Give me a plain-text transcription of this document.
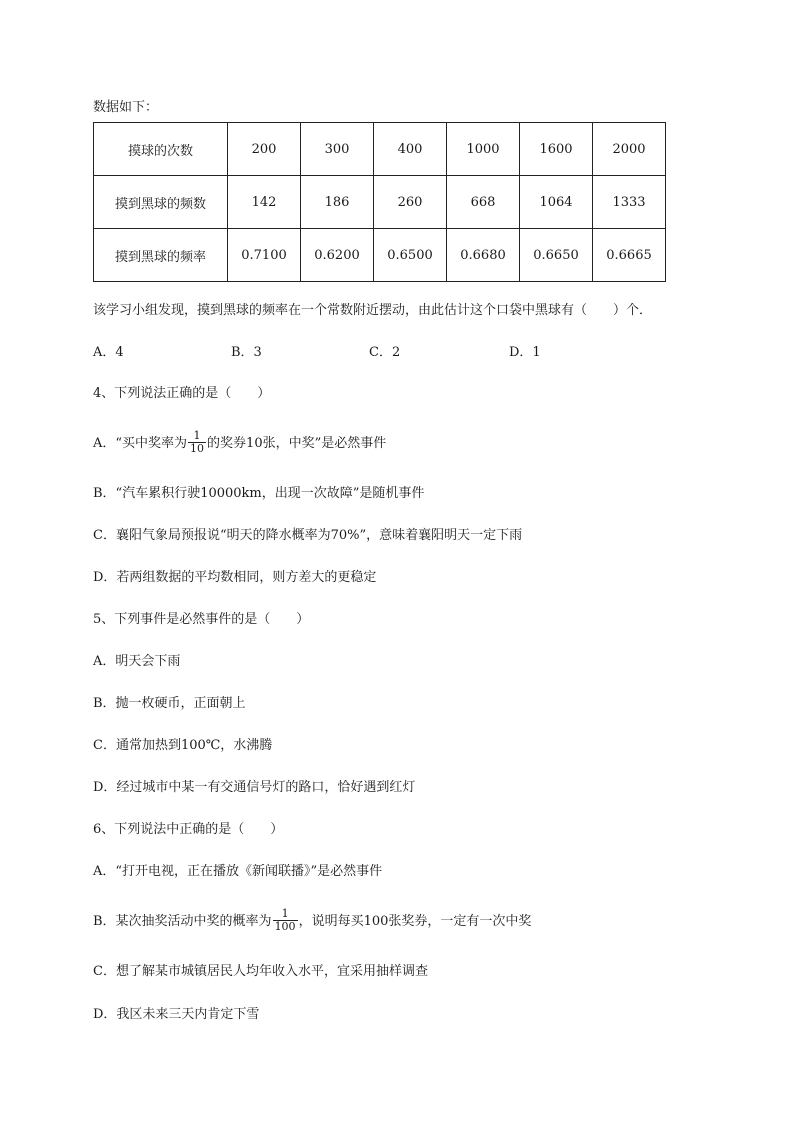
数据如下：
摸球的次数	200	300	400	1000	1600	2000
摸到黑球的频数	142	186	260	668	1064	1333
摸到黑球的频率	0.7100	0.6200	0.6500	0.6680	0.6650	0.6665
该学习小组发现，摸到黑球的频率在一个常数附近摆动，由此估计这个口袋中黑球有（　　）个．
A．4	B．3	C．2	D．1
4、下列说法正确的是（　　）
A．“买中奖率为 $\frac{1}{10}$ 的奖券10张，中奖”是必然事件
B．“汽车累积行驶10000km，出现一次故障”是随机事件
C．襄阳气象局预报说“明天的降水概率为70%”，意味着襄阳明天一定下雨
D．若两组数据的平均数相同，则方差大的更稳定
5、下列事件是必然事件的是（　　）
A．明天会下雨
B．抛一枚硬币，正面朝上
C．通常加热到100℃，水沸腾
D．经过城市中某一有交通信号灯的路口，恰好遇到红灯
6、下列说法中正确的是（　　）
A．“打开电视，正在播放《新闻联播》”是必然事件
B．某次抽奖活动中奖的概率为 $\frac{1}{100}$ ，说明每买100张奖券，一定有一次中奖
C．想了解某市城镇居民人均年收入水平，宜采用抽样调查
D．我区未来三天内肯定下雪
